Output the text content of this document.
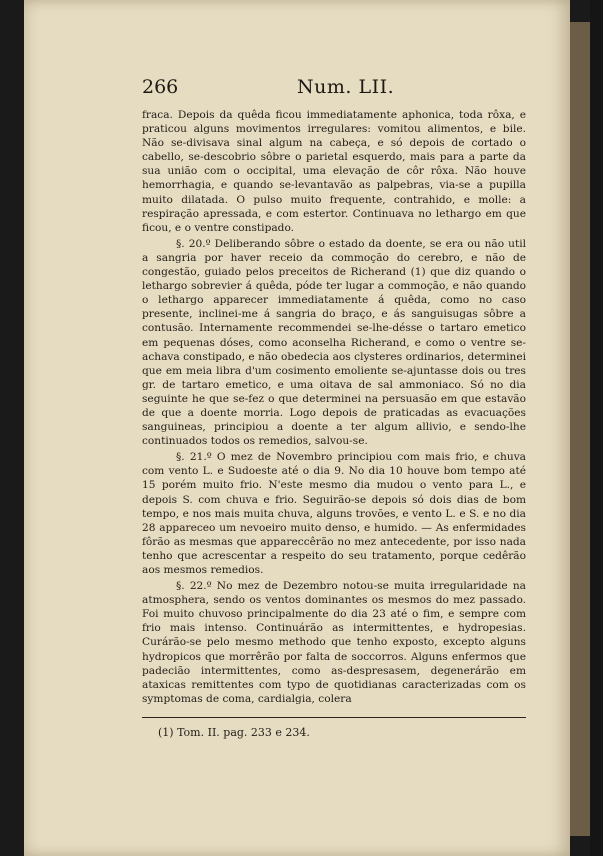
266	Num. LII.

fraca. Depois da quêda ficou immediatamente aphonica, toda rôxa, e praticou alguns movimentos irregulares: vomitou alimentos, e bile. Não se-divisava sinal algum na cabeça, e só depois de cortado o cabello, se-descobrio sôbre o parietal esquerdo, mais para a parte da sua união com o occipital, uma elevação de côr rôxa. Não houve hemorrhagia, e quando se-levantavão as palpebras, via-se a pupilla muito dilatada. O pulso muito frequente, contrahido, e molle: a respiração apressada, e com estertor. Continuava no lethargo em que ficou, e o ventre constipado.

§. 20.º Deliberando sôbre o estado da doente, se era ou não util a sangria por haver receio da commoção do cerebro, e não de congestão, guiado pelos preceitos de Richerand (1) que diz quando o lethargo sobrevier á quêda, póde ter lugar a commoção, e não quando o lethargo apparecer immediatamente á quêda, como no caso presente, inclinei-me á sangria do braço, e ás sanguisugas sôbre a contusão. Internamente recommendei se-lhe-désse o tartaro emetico em pequenas dóses, como aconselha Richerand, e como o ventre se-achava constipado, e não obedecia aos clysteres ordinarios, determinei que em meia libra d'um cosimento emoliente se-ajuntasse dois ou tres gr. de tartaro emetico, e uma oitava de sal ammoniaco. Só no dia seguinte he que se-fez o que determinei na persuasão em que estavão de que a doente morria. Logo depois de praticadas as evacuações sanguineas, principiou a doente a ter algum allivio, e sendo-lhe continuados todos os remedios, salvou-se.

§. 21.º O mez de Novembro principiou com mais frio, e chuva com vento L. e Sudoeste até o dia 9. No dia 10 houve bom tempo até 15 porém muito frio. N'este mesmo dia mudou o vento para L., e depois S. com chuva e frio. Seguirão-se depois só dois dias de bom tempo, e nos mais muita chuva, alguns trovões, e vento L. e S. e no dia 28 appareceo um nevoeiro muito denso, e humido. — As enfermidades fôrão as mesmas que appareccêrão no mez antecedente, por isso nada tenho que acrescentar a respeito do seu tratamento, porque cedêrão aos mesmos remedios.

§. 22.º No mez de Dezembro notou-se muita irregularidade na atmosphera, sendo os ventos dominantes os mesmos do mez passado. Foi muito chuvoso principalmente do dia 23 até o fim, e sempre com frio mais intenso. Continuárão as intermittentes, e hydropesias. Curárão-se pelo mesmo methodo que tenho exposto, excepto alguns hydropicos que morrêrão por falta de soccorros. Alguns enfermos que padecião intermittentes, como as-despresasem, degenerárão em ataxicas remittentes com typo de quotidianas caracterizadas com os symptomas de coma, cardialgia, colera

(1) Tom. II. pag. 233 e 234.
